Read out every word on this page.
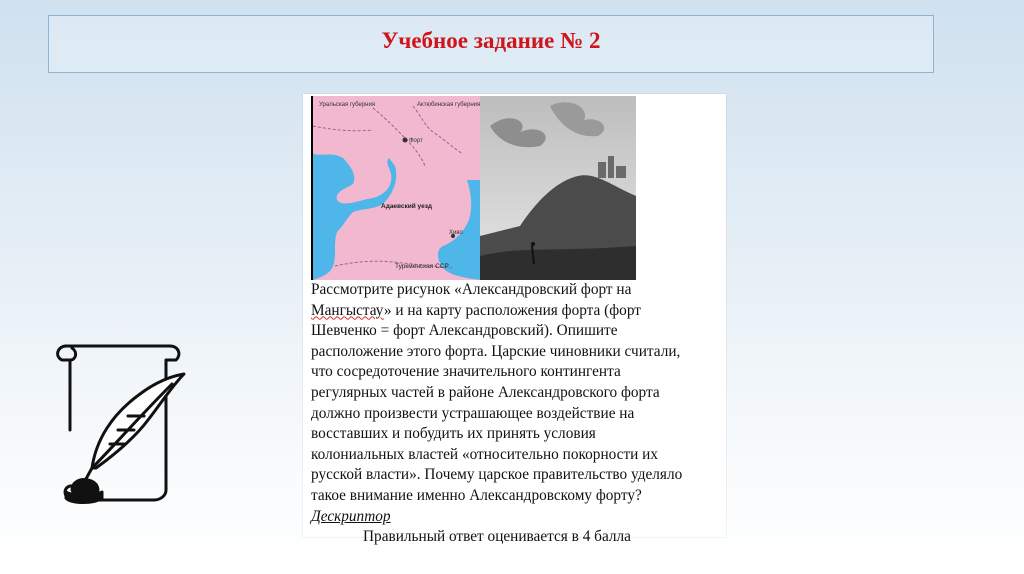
Учебное задание № 2
Уральская губерния	Актюбинская губерния
Форт
Адаевский уезд
Хиво
Туркменская ССР
Рассмотрите рисунок «Александровский форт на
Мангыстау» и на карту расположения форта (форт
Шевченко = форт Александровский). Опишите
расположение этого форта. Царские чиновники считали,
что сосредоточение значительного контингента
регулярных частей в районе Александровского форта
должно произвести устрашающее воздействие на
восставших и побудить их принять условия
колониальных властей «относительно покорности их
русской власти». Почему царское правительство уделяло
такое внимание именно Александровскому форту?
Дескриптор
Правильный ответ оценивается в 4 балла
